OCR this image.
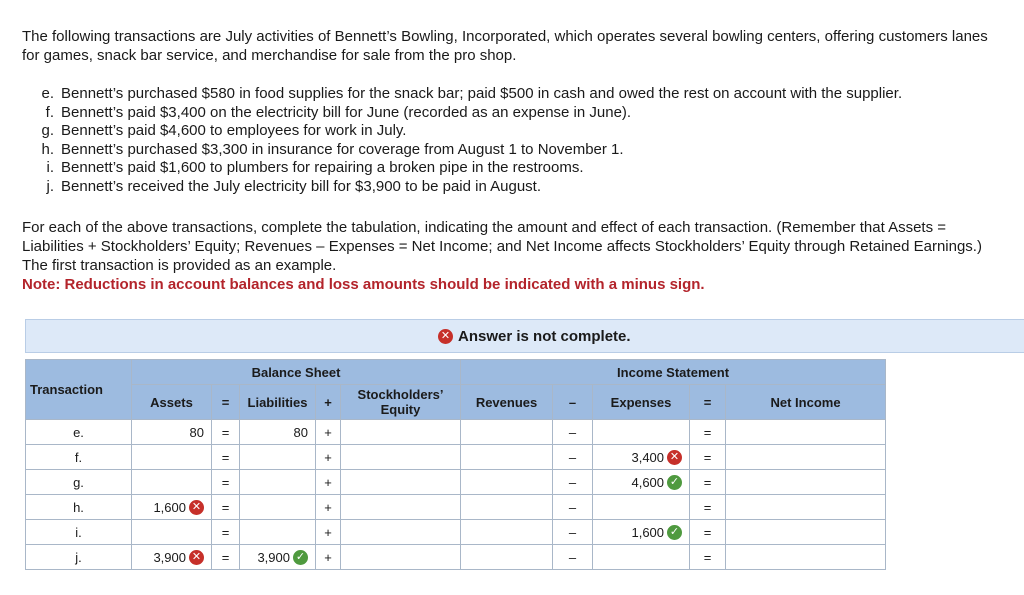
The following transactions are July activities of Bennett’s Bowling, Incorporated, which operates several bowling centers, offering customers lanes for games, snack bar service, and merchandise for sale from the pro shop.
e. Bennett’s purchased $580 in food supplies for the snack bar; paid $500 in cash and owed the rest on account with the supplier.
f. Bennett’s paid $3,400 on the electricity bill for June (recorded as an expense in June).
g. Bennett’s paid $4,600 to employees for work in July.
h. Bennett’s purchased $3,300 in insurance for coverage from August 1 to November 1.
i. Bennett’s paid $1,600 to plumbers for repairing a broken pipe in the restrooms.
j. Bennett’s received the July electricity bill for $3,900 to be paid in August.
For each of the above transactions, complete the tabulation, indicating the amount and effect of each transaction. (Remember that Assets = Liabilities + Stockholders’ Equity; Revenues – Expenses = Net Income; and Net Income affects Stockholders’ Equity through Retained Earnings.) The first transaction is provided as an example.
Note: Reductions in account balances and loss amounts should be indicated with a minus sign.
✕ Answer is not complete.
Transaction	Balance Sheet					Income Statement				
	Assets	=	Liabilities	+	Stockholders’ Equity	Revenues	–	Expenses	=	Net Income

e.	80	=	80	+			–		=	

f.		=		+			–	3,400 ✕	=	

g.		=		+			–	4,600 ✓	=	

h.	1,600 ✕	=		+			–		=	

i.		=		+			–	1,600 ✓	=	

j.	3,900 ✕	=	3,900 ✓	+			–		=	
